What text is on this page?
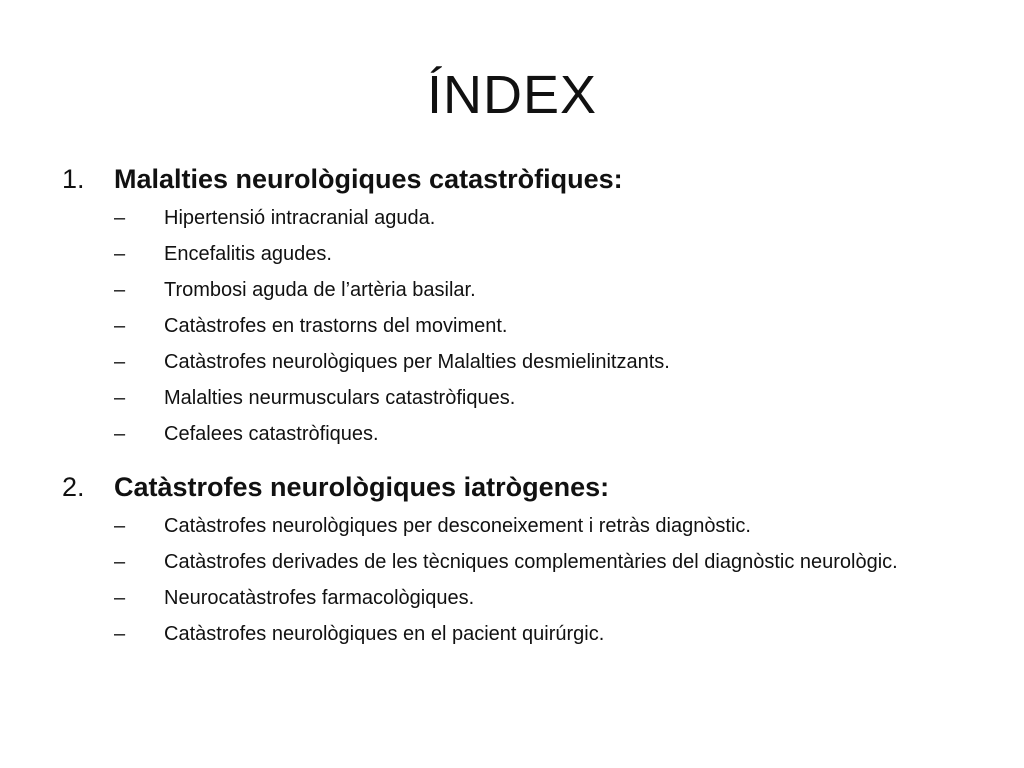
ÍNDEX
1.	Malalties neurològiques catastròfiques:
–	Hipertensió intracranial aguda.
–	Encefalitis agudes.
–	Trombosi aguda de l’artèria basilar.
–	Catàstrofes en trastorns del moviment.
–	Catàstrofes neurològiques per Malalties desmielinitzants.
–	Malalties neurmusculars catastròfiques.
–	Cefalees catastròfiques.
2.	Catàstrofes neurològiques iatrògenes:
–	Catàstrofes neurològiques per desconeixement i retràs diagnòstic.
–	Catàstrofes derivades de les tècniques complementàries del diagnòstic neurològic.
–	Neurocatàstrofes farmacològiques.
–	Catàstrofes neurològiques en el pacient quirúrgic.
